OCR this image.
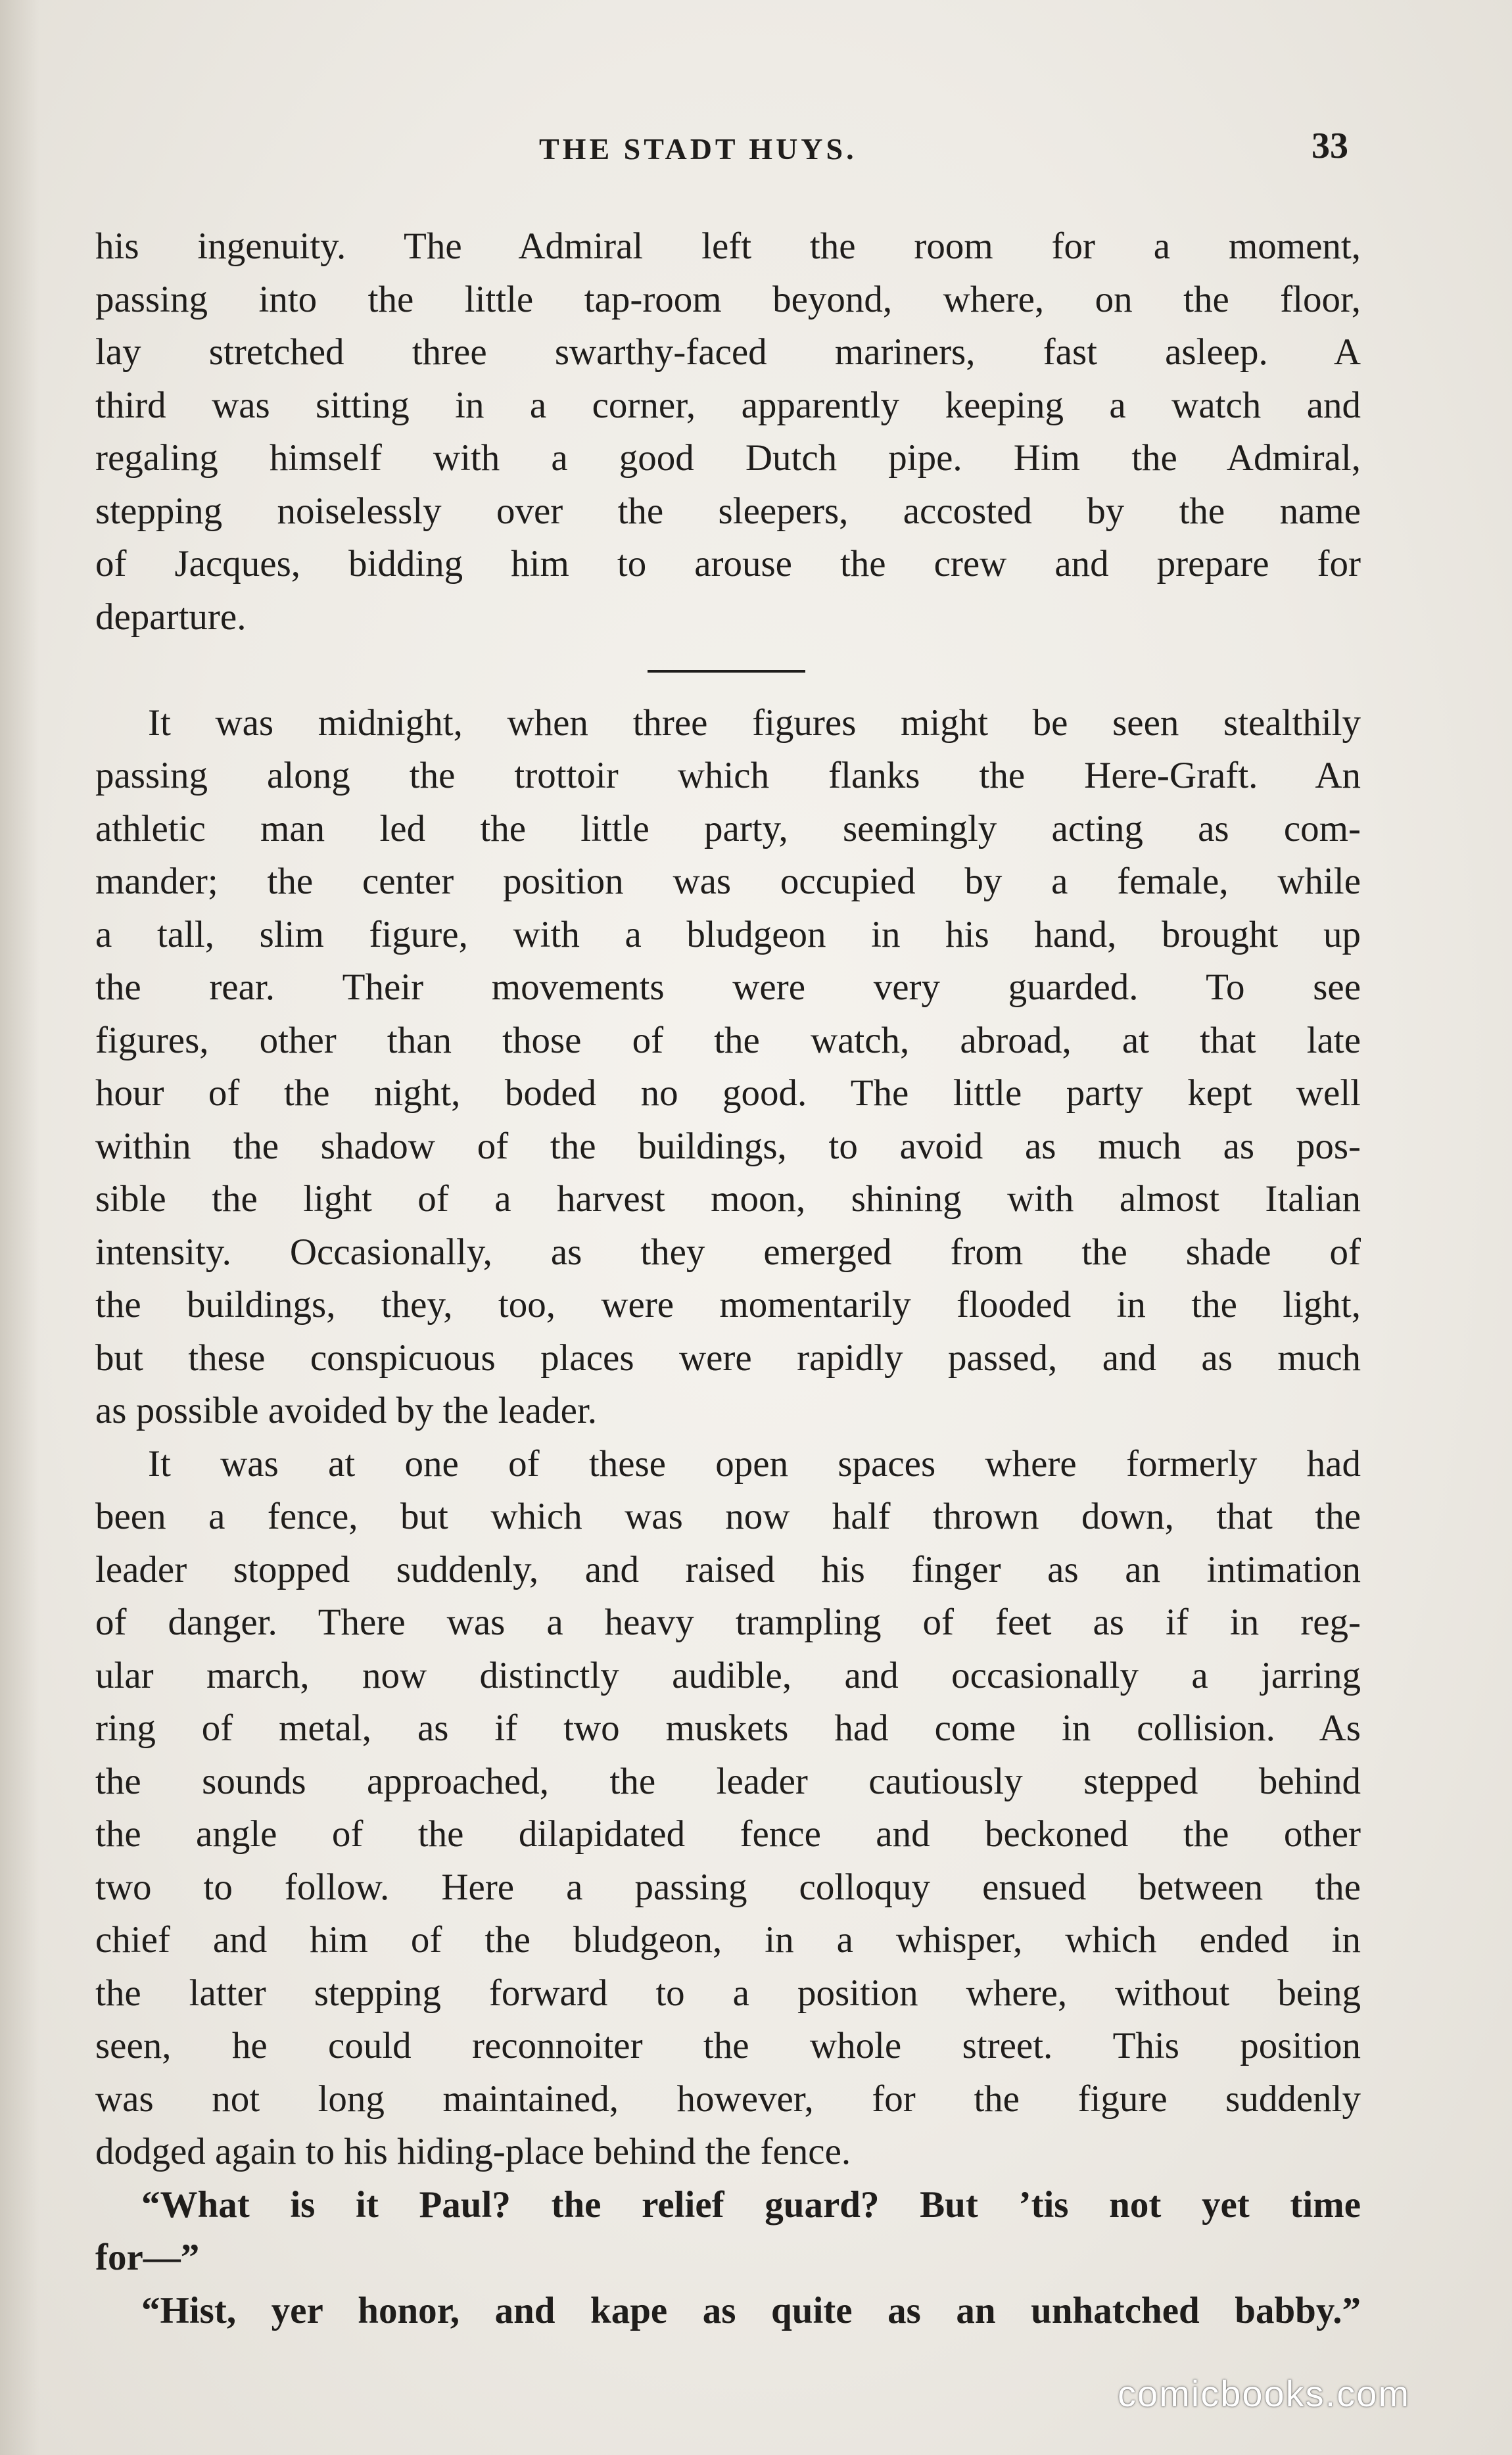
THE STADT HUYS.	33
his ingenuity. The Admiral left the room for a moment,
passing into the little tap-room beyond, where, on the floor,
lay stretched three swarthy-faced mariners, fast asleep. A
third was sitting in a corner, apparently keeping a watch and
regaling himself with a good Dutch pipe. Him the Admiral,
stepping noiselessly over the sleepers, accosted by the name
of Jacques, bidding him to arouse the crew and prepare for
departure.
It was midnight, when three figures might be seen stealthily
passing along the trottoir which flanks the Here-Graft. An
athletic man led the little party, seemingly acting as com-
mander; the center position was occupied by a female, while
a tall, slim figure, with a bludgeon in his hand, brought up
the rear. Their movements were very guarded. To see
figures, other than those of the watch, abroad, at that late
hour of the night, boded no good. The little party kept well
within the shadow of the buildings, to avoid as much as pos-
sible the light of a harvest moon, shining with almost Italian
intensity. Occasionally, as they emerged from the shade of
the buildings, they, too, were momentarily flooded in the light,
but these conspicuous places were rapidly passed, and as much
as possible avoided by the leader.
It was at one of these open spaces where formerly had
been a fence, but which was now half thrown down, that the
leader stopped suddenly, and raised his finger as an intimation
of danger. There was a heavy trampling of feet as if in reg-
ular march, now distinctly audible, and occasionally a jarring
ring of metal, as if two muskets had come in collision. As
the sounds approached, the leader cautiously stepped behind
the angle of the dilapidated fence and beckoned the other
two to follow. Here a passing colloquy ensued between the
chief and him of the bludgeon, in a whisper, which ended in
the latter stepping forward to a position where, without being
seen, he could reconnoiter the whole street. This position
was not long maintained, however, for the figure suddenly
dodged again to his hiding-place behind the fence.
“What is it Paul? the relief guard? But ’tis not yet time
for—”
“Hist, yer honor, and kape as quite as an unhatched babby.”
comicbooks.com
